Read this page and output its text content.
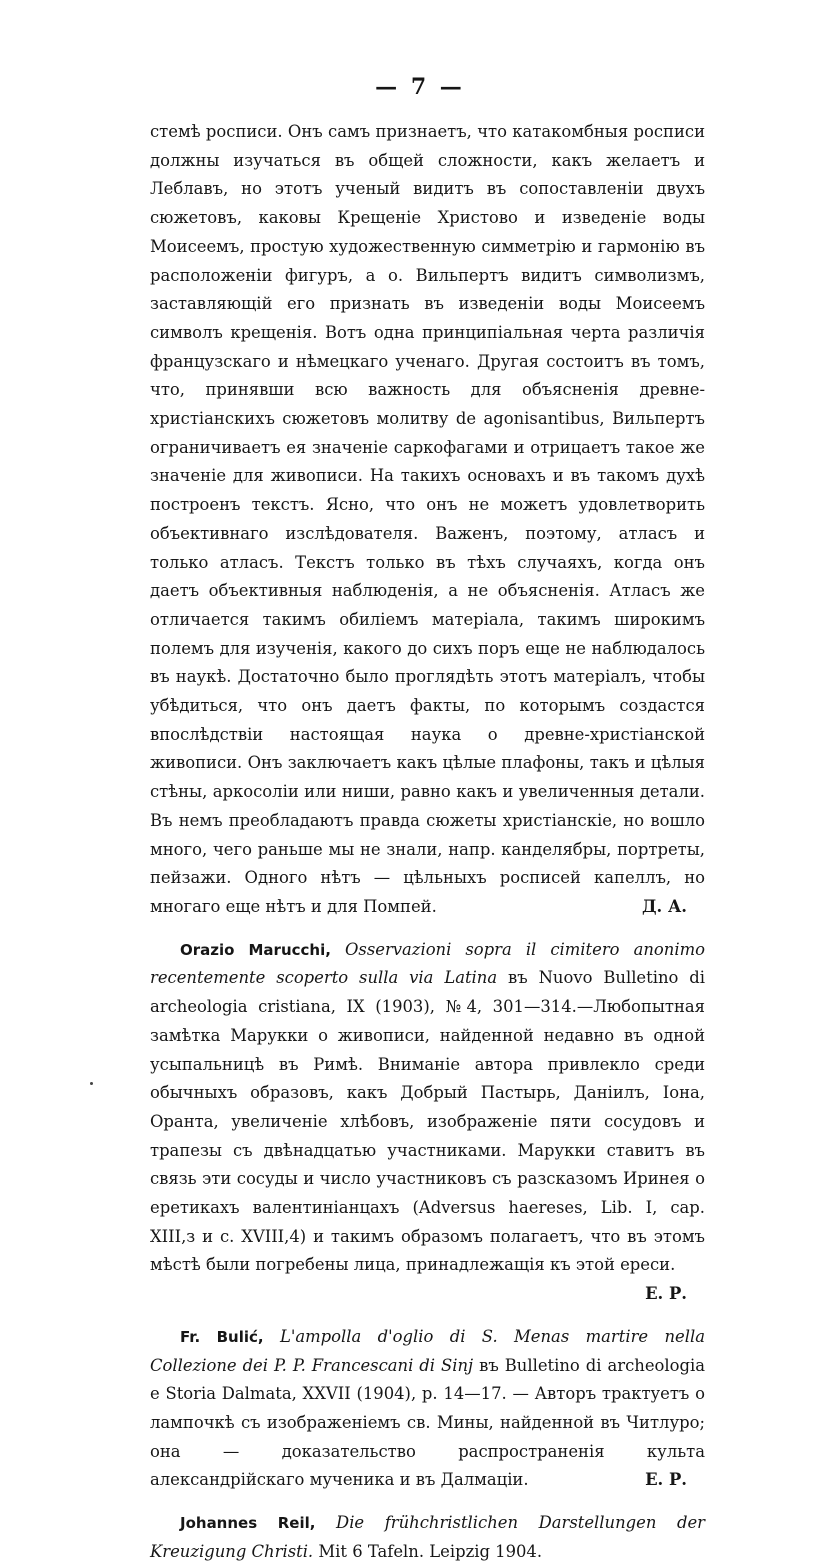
— 7 —

стемѣ росписи. Онъ самъ признаетъ, что катакомбныя росписи должны изучаться въ общей сложности, какъ желаетъ и Леблавъ, но этотъ ученый видитъ въ сопоставленіи двухъ сюжетовъ, каковы Крещеніе Христово и изведеніе воды Моисеемъ, простую художественную симметрію и гармонію въ расположеніи фигуръ, а о. Вильпертъ видитъ символизмъ, заставляющій его признать въ изведеніи воды Моисеемъ символъ крещенія. Вотъ одна принципіальная черта различія французскаго и нѣмецкаго ученаго. Другая состоитъ въ томъ, что, принявши всю важность для объясненія древне-христіанскихъ сюжетовъ молитву de agonisantibus, Вильпертъ ограничиваетъ ея значеніе саркофагами и отрицаетъ такое же значеніе для живописи. На такихъ основахъ и въ такомъ духѣ построенъ текстъ. Ясно, что онъ не можетъ удовлетворить объективнаго изслѣдователя. Важенъ, поэтому, атласъ и только атласъ. Текстъ только въ тѣхъ случаяхъ, когда онъ даетъ объективныя наблюденія, а не объясненія. Атласъ же отличается такимъ обиліемъ матеріала, такимъ широкимъ полемъ для изученія, какого до сихъ поръ еще не наблюдалось въ наукѣ. Достаточно было проглядѣть этотъ матеріалъ, чтобы убѣдиться, что онъ даетъ факты, по которымъ создастся впослѣдствіи настоящая наука о древне-христіанской живописи. Онъ заключаетъ какъ цѣлые плафоны, такъ и цѣлыя стѣны, аркосоліи или ниши, равно какъ и увеличенныя детали. Въ немъ преобладаютъ правда сюжеты христіанскіе, но вошло много, чего раньше мы не знали, напр. канделябры, портреты, пейзажи. Одного нѣтъ — цѣльныхъ росписей капеллъ, но многаго еще нѣтъ и для Помпей.	Д. А.

Orazio Marucchi, Osservazioni sopra il cimitero anonimo recentemente scoperto sulla via Latina въ Nuovo Bulletino di archeologia cristiana, IX (1903), №4, 301—314.—Любопытная замѣтка Марукки о живописи, найденной недавно въ одной усыпальницѣ въ Римѣ. Вниманіе автора привлекло среди обычныхъ образовъ, какъ Добрый Пастырь, Даніилъ, Іона, Оранта, увеличеніе хлѣбовъ, изображеніе пяти сосудовъ и трапезы съ двѣнадцатью участниками. Марукки ставитъ въ связь эти сосуды и число участниковъ съ разсказомъ Иринея о еретикахъ валентиніанцахъ (Adversus haereses, Lib. I, cap. XIII,з и с. XVIII,4) и такимъ образомъ полагаетъ, что въ этомъ мѣстѣ были погребены лица, принадлежащія къ этой ереси.
Е. Р.

Fr. Bulić, L'ampolla d'oglio di S. Menas martire nella Collezione dei P. P. Francescani di Sinj въ Bulletino di archeologia e Storia Dalmata, XXVII (1904), p. 14—17. — Авторъ трактуетъ о лампочкѣ съ изображеніемъ св. Мины, найденной въ Читлуро; она — доказательство распространенія культа александрійскаго мученика и въ Далмаціи.	Е. Р.

Johannes Reil, Die frühchristlichen Darstellungen der Kreuzigung Christi. Mit 6 Tafeln. Leipzig 1904.
